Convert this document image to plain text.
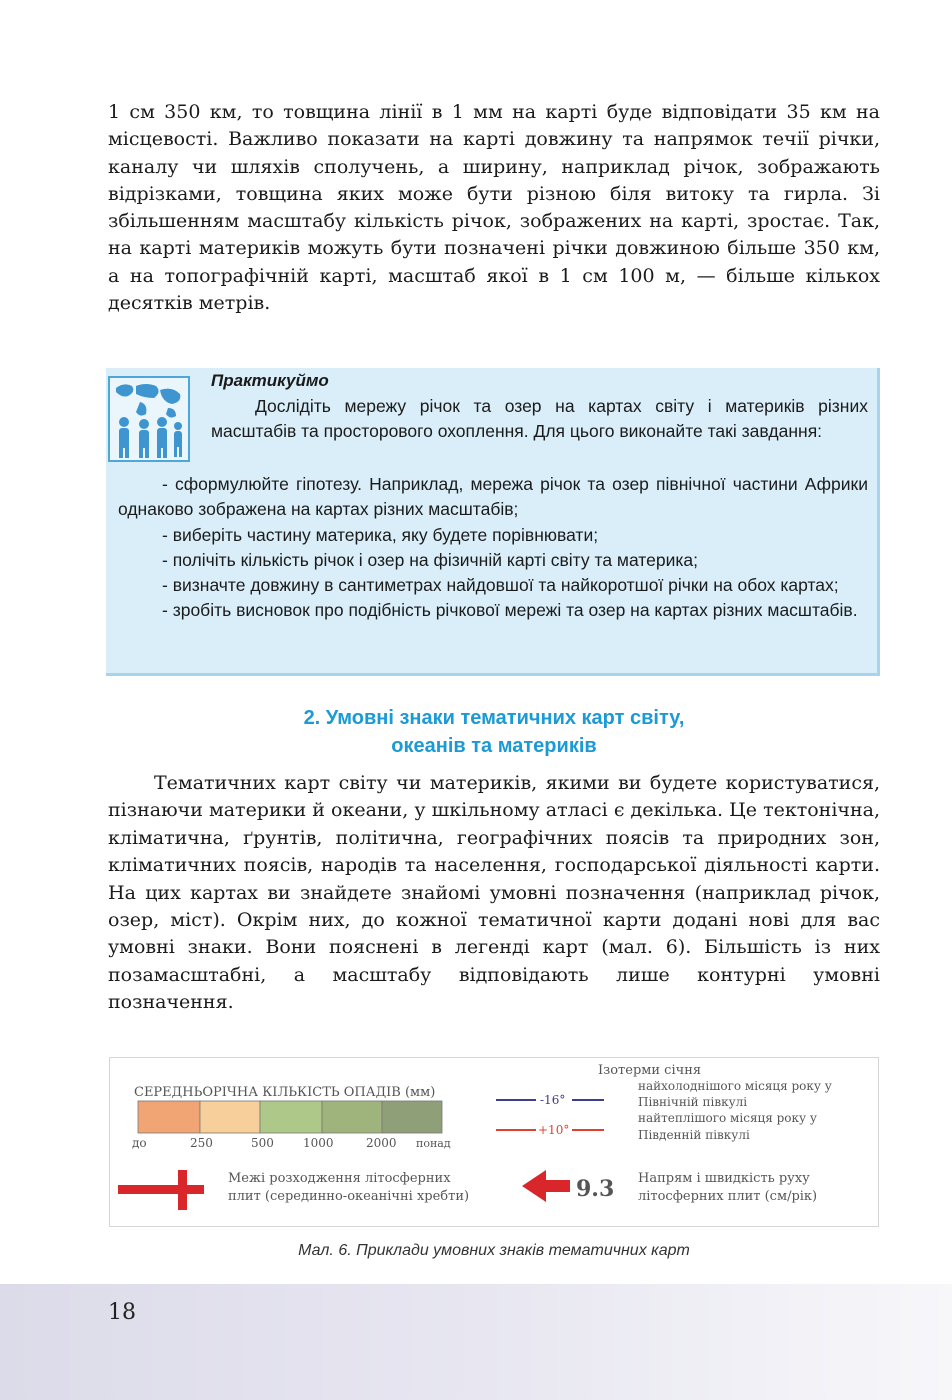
1 см 350 км, то товщина лінії в 1 мм на карті буде відповідати 35 км на місцевості. Важливо показати на карті довжину та напрямок течії річки, каналу чи шляхів сполучень, а ширину, наприклад річок, зображають відрізками, товщина яких може бути різною біля витоку та гирла. Зі збільшенням масштабу кількість річок, зображених на карті, зростає. Так, на карті материків можуть бути позначені річки довжиною більше 350 км, а на топографічній карті, масштаб якої в 1 см 100 м, — більше кількох десятків метрів.

Практикуймо

Дослідіть мережу річок та озер на картах світу і материків різних масштабів та просторового охоплення. Для цього виконайте такі завдання:

- сформулюйте гіпотезу. Наприклад, мережа річок та озер північної частини Африки однаково зображена на картах різних масштабів;
- виберіть частину материка, яку будете порівнювати;
- полічіть кількість річок і озер на фізичній карті світу та материка;
- визначте довжину в сантиметрах найдовшої та найкоротшої річки на обох картах;
- зробіть висновок про подібність річкової мережі та озер на картах різних масштабів.
2. Умовні знаки тематичних карт світу,
океанів та материків

Тематичних карт світу чи материків, якими ви будете користуватися, пізнаючи материки й океани, у шкільному атласі є декілька. Це тектонічна, кліматична, ґрунтів, політична, географічних поясів та природних зон, кліматичних поясів, народів та населення, господарської діяльності карти. На цих картах ви знайдете знайомі умовні позначення (наприклад річок, озер, міст). Окрім них, до кожної тематичної карти додані нові для вас умовні знаки. Вони пояснені в легенді карт (мал. 6). Більшість із них позамасштабні, а масштабу відповідають лише контурні умовні позначення.

СЕРЕДНЬОРІЧНА КІЛЬКІСТЬ ОПАДІВ (мм)
до	250	500 1000	2000 понад
-16°
+10°
Ізотерми січня
найхолоднішого місяця року у
Північній півкулі
найтеплішого місяця року у
Південній півкулі
Межі розходження літосферних
плит (серединно-океанічні хребти)	9.3 Напрям і швидкість руху
літосферних плит (см/рік)
Мал. 6. Приклади умовних знаків тематичних карт
18
